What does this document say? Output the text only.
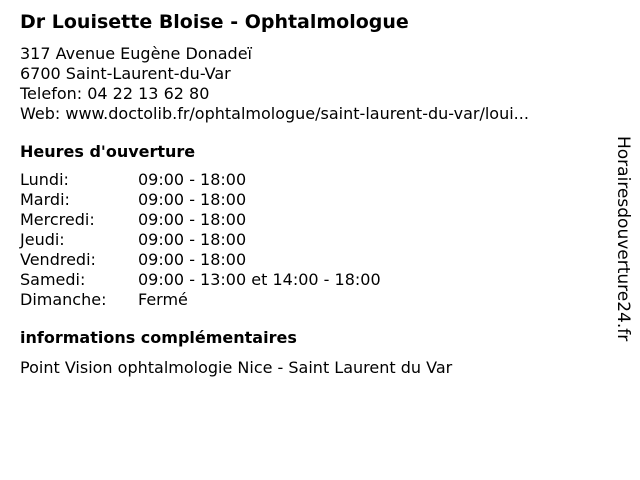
Dr Louisette Bloise - Ophtalmologue
317 Avenue Eugène Donadeï
6700 Saint-Laurent-du-Var
Telefon: 04 22 13 62 80
Web: www.doctolib.fr/ophtalmologue/saint-laurent-du-var/loui...
Heures d'ouverture
Lundi:	09:00 - 18:00
Mardi:	09:00 - 18:00
Mercredi:	09:00 - 18:00
Jeudi:	09:00 - 18:00
Vendredi:	09:00 - 18:00
Samedi:	09:00 - 13:00 et 14:00 - 18:00
Dimanche:	Fermé
informations complémentaires
Point Vision ophtalmologie Nice - Saint Laurent du Var
Horairesdouverture24.fr
